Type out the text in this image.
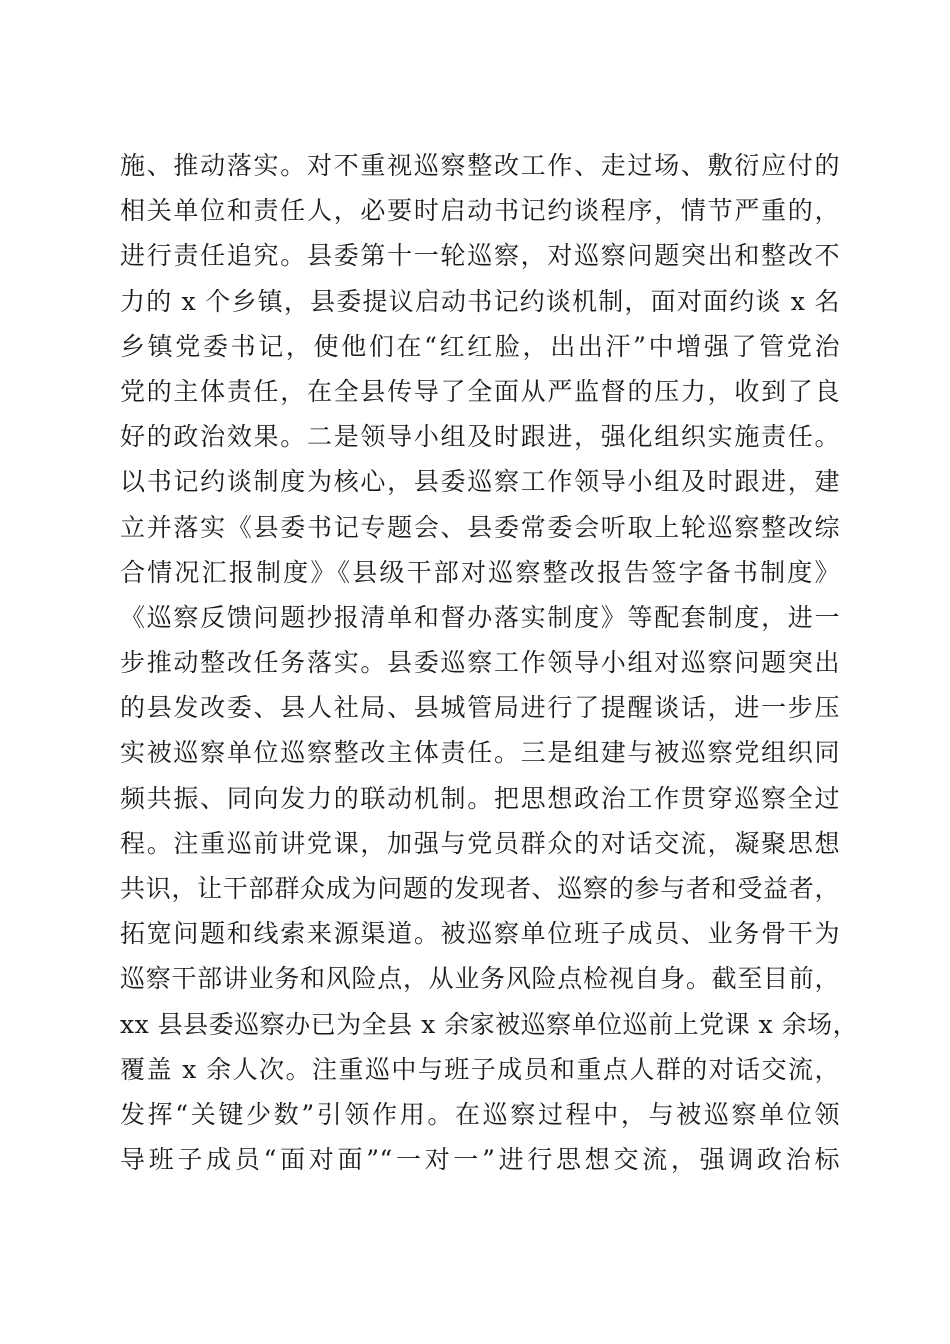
施、推动落实。对不重视巡察整改工作、走过场、敷衍应付的
相关单位和责任人，必要时启动书记约谈程序，情节严重的，
进行责任追究。县委第十一轮巡察，对巡察问题突出和整改不
力的 x 个乡镇，县委提议启动书记约谈机制，面对面约谈 x 名
乡镇党委书记，使他们在“红红脸，出出汗”中增强了管党治
党的主体责任，在全县传导了全面从严监督的压力，收到了良
好的政治效果。二是领导小组及时跟进，强化组织实施责任。
以书记约谈制度为核心，县委巡察工作领导小组及时跟进，建
立并落实《县委书记专题会、县委常委会听取上轮巡察整改综
合情况汇报制度》《县级干部对巡察整改报告签字备书制度》
《巡察反馈问题抄报清单和督办落实制度》等配套制度，进一
步推动整改任务落实。县委巡察工作领导小组对巡察问题突出
的县发改委、县人社局、县城管局进行了提醒谈话，进一步压
实被巡察单位巡察整改主体责任。三是组建与被巡察党组织同
频共振、同向发力的联动机制。把思想政治工作贯穿巡察全过
程。注重巡前讲党课，加强与党员群众的对话交流，凝聚思想
共识，让干部群众成为问题的发现者、巡察的参与者和受益者，
拓宽问题和线索来源渠道。被巡察单位班子成员、业务骨干为
巡察干部讲业务和风险点，从业务风险点检视自身。截至目前，
xx 县县委巡察办已为全县 x 余家被巡察单位巡前上党课 x 余场，
覆盖 x 余人次。注重巡中与班子成员和重点人群的对话交流，
发挥“关键少数”引领作用。在巡察过程中，与被巡察单位领
导班子成员“面对面”“一对一”进行思想交流，强调政治标
